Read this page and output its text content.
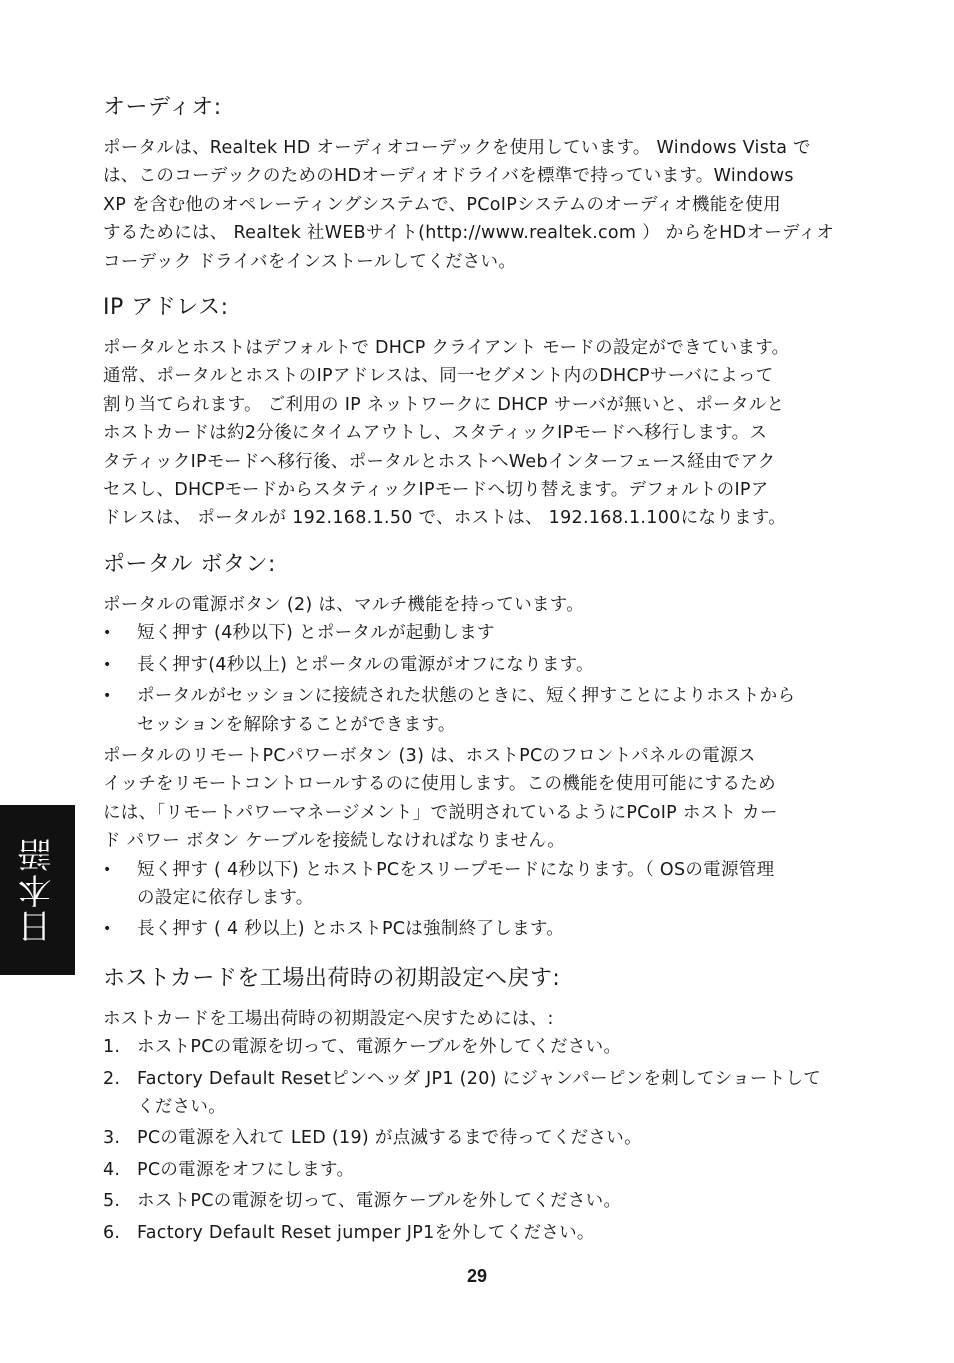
オーディオ:

ポータルは、Realtek HD オーディオコーデックを使用しています。 Windows Vista で
は、このコーデックのためのHDオーディオドライバを標準で持っています。Windows
XP を含む他のオペレーティングシステムで、PCoIPシステムのオーディオ機能を使用
するためには、 Realtek 社WEBサイト(http://www.realtek.com ） からをHDオーディオ
コーデック ドライバをインストールしてください。

IP アドレス:

ポータルとホストはデフォルトで DHCP クライアント モードの設定ができています。
通常、ポータルとホストのIPアドレスは、同一セグメント内のDHCPサーバによって
割り当てられます。 ご利用の IP ネットワークに DHCP サーバが無いと、ポータルと
ホストカードは約2分後にタイムアウトし、スタティックIPモードへ移行します。ス
タティックIPモードへ移行後、ポータルとホストへWebインターフェース経由でアク
セスし、DHCPモードからスタティックIPモードへ切り替えます。デフォルトのIPア
ドレスは、 ポータルが 192.168.1.50 で、ホストは、 192.168.1.100になります。

ポータル ボタン:

ポータルの電源ボタン (2) は、マルチ機能を持っています。

•	短く押す (4秒以下) とポータルが起動します
•	長く押す(4秒以上) とポータルの電源がオフになります。
•	ポータルがセッションに接続された状態のときに、短く押すことによりホストから
セッションを解除することができます。

ポータルのリモートPCパワーボタン (3) は、ホストPCのフロントパネルの電源ス
イッチをリモートコントロールするのに使用します。この機能を使用可能にするため
には、「リモートパワーマネージメント」で説明されているようにPCoIP ホスト カー
ド パワー ボタン ケーブルを接続しなければなりません。

•	短く押す ( 4秒以下) とホストPCをスリープモードになります。（ OSの電源管理
の設定に依存します。
•	長く押す ( 4 秒以上) とホストPCは強制終了します。
ホストカードを工場出荷時の初期設定へ戻す:

ホストカードを工場出荷時の初期設定へ戻すためには、:

1. ホストPCの電源を切って、電源ケーブルを外してください。
2. Factory Default Resetピンヘッダ JP1 (20) にジャンパーピンを刺してショートして
ください。
3. PCの電源を入れて LED (19) が点滅するまで待ってください。
4. PCの電源をオフにします。
5. ホストPCの電源を切って、電源ケーブルを外してください。
6. Factory Default Reset jumper JP1を外してください。
日本語
29
